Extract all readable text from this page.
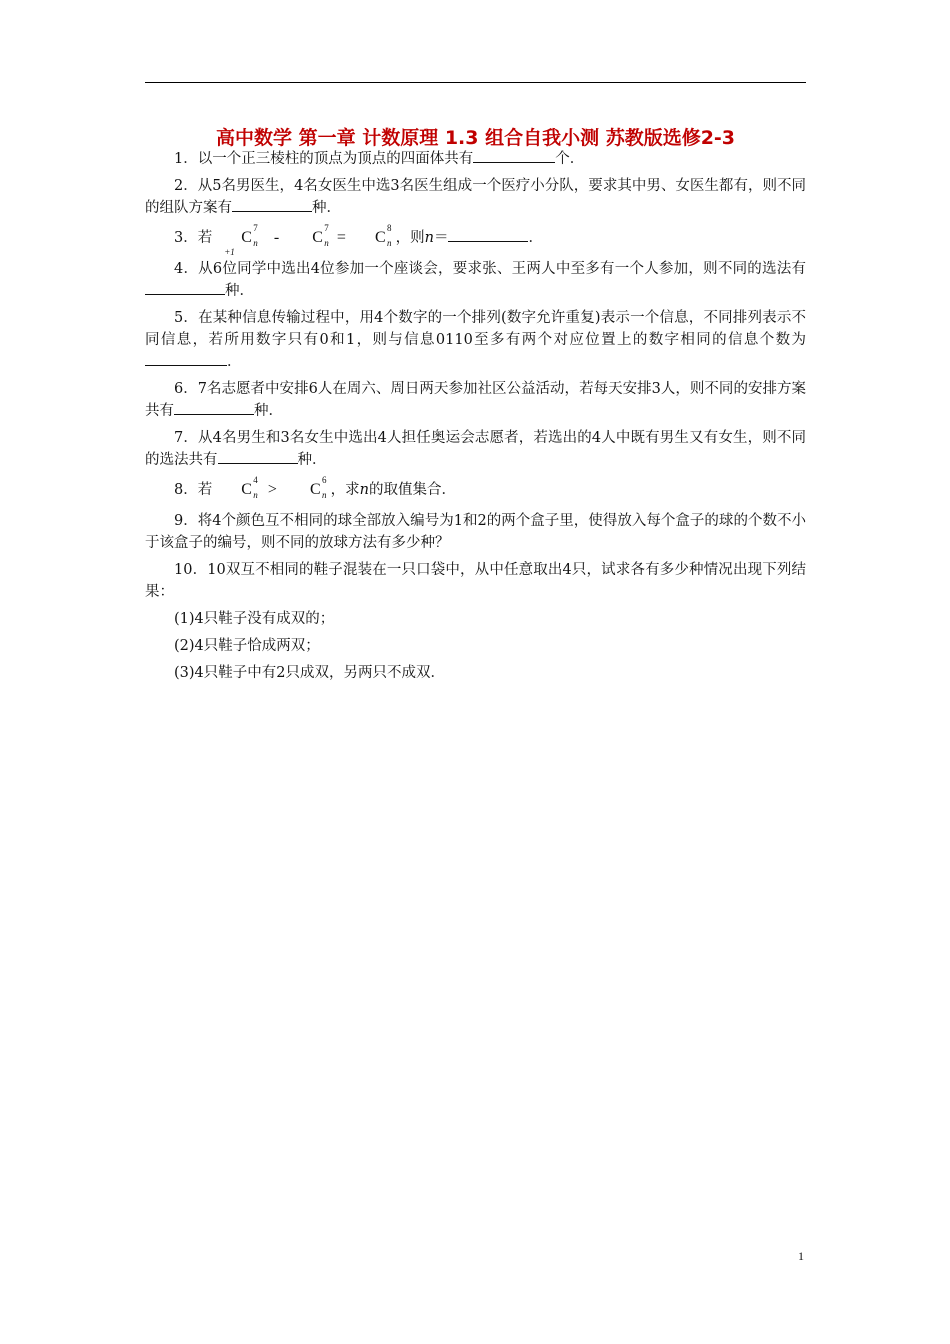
高中数学 第一章 计数原理 1.3 组合自我小测 苏教版选修2-3

1．以一个正三棱柱的顶点为顶点的四面体共有	个．

2．从5名男医生，4名女医生中选3名医生组成一个医疗小分队，要求其中男、女医生都有，则不同的组队方案有	种．

3．若 C
7
n+1
- C
7
n = C
8
n ，则n＝	．

4．从6位同学中选出4位参加一个座谈会，要求张、王两人中至多有一个人参加，则不同的选法有种．

5．在某种信息传输过程中，用4个数字的一个排列(数字允许重复)表示一个信息，不同排列表示不同信息，若所用数字只有0和1，则与信息0110至多有两个对应位置上的数字相同的信息个数为．

6．7名志愿者中安排6人在周六、周日两天参加社区公益活动，若每天安排3人，则不同的安排方案共有	种．

7．从4名男生和3名女生中选出4人担任奥运会志愿者，若选出的4人中既有男生又有女生，则不同的选法共有	种．

8．若 C
4
n > C
6
n ，求n的取值集合．

9．将4个颜色互不相同的球全部放入编号为1和2的两个盒子里，使得放入每个盒子的球的个数不小于该盒子的编号，则不同的放球方法有多少种？

10．10双互不相同的鞋子混装在一只口袋中，从中任意取出4只，试求各有多少种情况出现下列结果：

(1)4只鞋子没有成双的；

(2)4只鞋子恰成两双；

(3)4只鞋子中有2只成双，另两只不成双．

1
